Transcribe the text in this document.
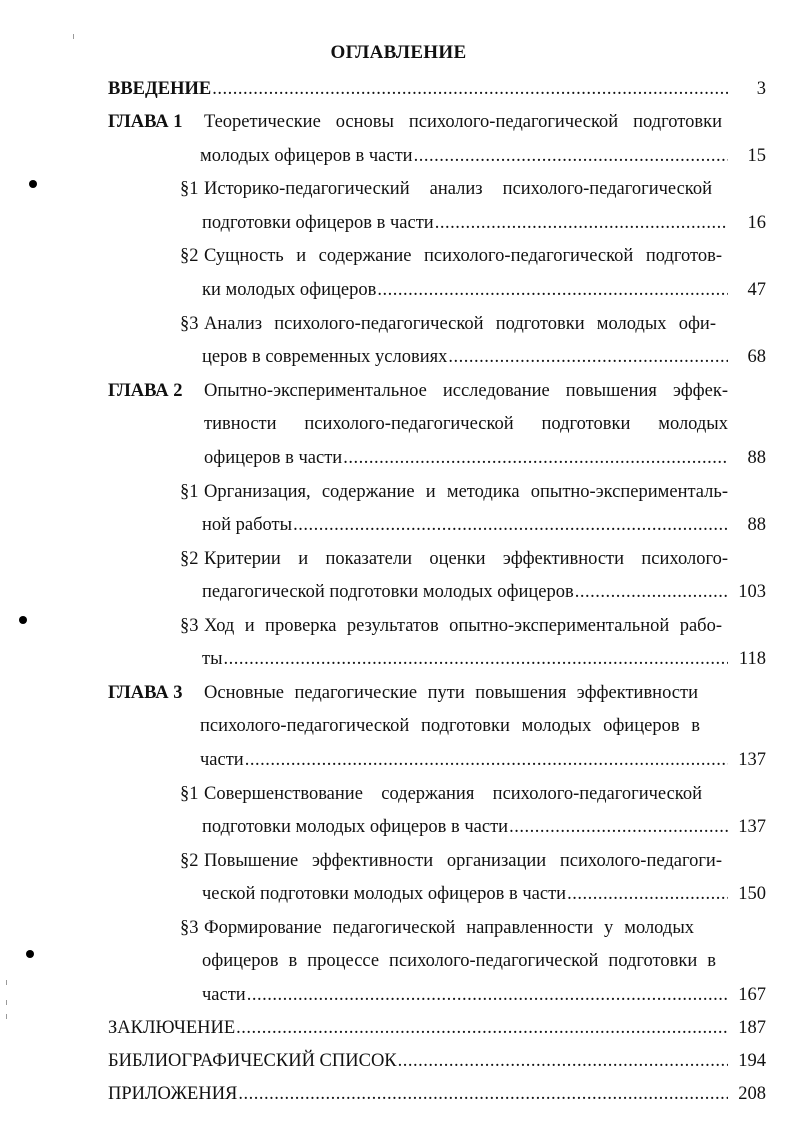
ОГЛАВЛЕНИЕ
ВВЕДЕНИЕ .....	3
ГЛАВА 1 Теоретические основы психолого-педагогической подготовки
молодых офицеров в части .....	15
§1 Историко-педагогический анализ психолого-педагогической
подготовки офицеров в части .....	16
§2 Сущность и содержание психолого-педагогической подготов-
ки молодых офицеров .....	47
§3 Анализ психолого-педагогической подготовки молодых офи-
церов в современных условиях .....	68
ГЛАВА 2 Опытно-экспериментальное исследование повышения эффек-
тивности психолого-педагогической подготовки молодых
офицеров в части .....	88
§1 Организация, содержание и методика опытно-эксперименталь-
ной работы .....	88
§2 Критерии и показатели оценки эффективности психолого-
педагогической подготовки молодых офицеров .....	103
§3 Ход и проверка результатов опытно-экспериментальной рабо-
ты .....	118
ГЛАВА 3 Основные педагогические пути повышения эффективности
психолого-педагогической подготовки молодых офицеров в
части .....	137
§1 Совершенствование содержания психолого-педагогической
подготовки молодых офицеров в части .....	137
§2 Повышение эффективности организации психолого-педагоги-
ческой подготовки молодых офицеров в части .....	150
§3 Формирование педагогической направленности у молодых
офицеров в процессе психолого-педагогической подготовки в
части .....	167
ЗАКЛЮЧЕНИЕ .....	187
БИБЛИОГРАФИЧЕСКИЙ СПИСОК .....	194
ПРИЛОЖЕНИЯ .....	208
